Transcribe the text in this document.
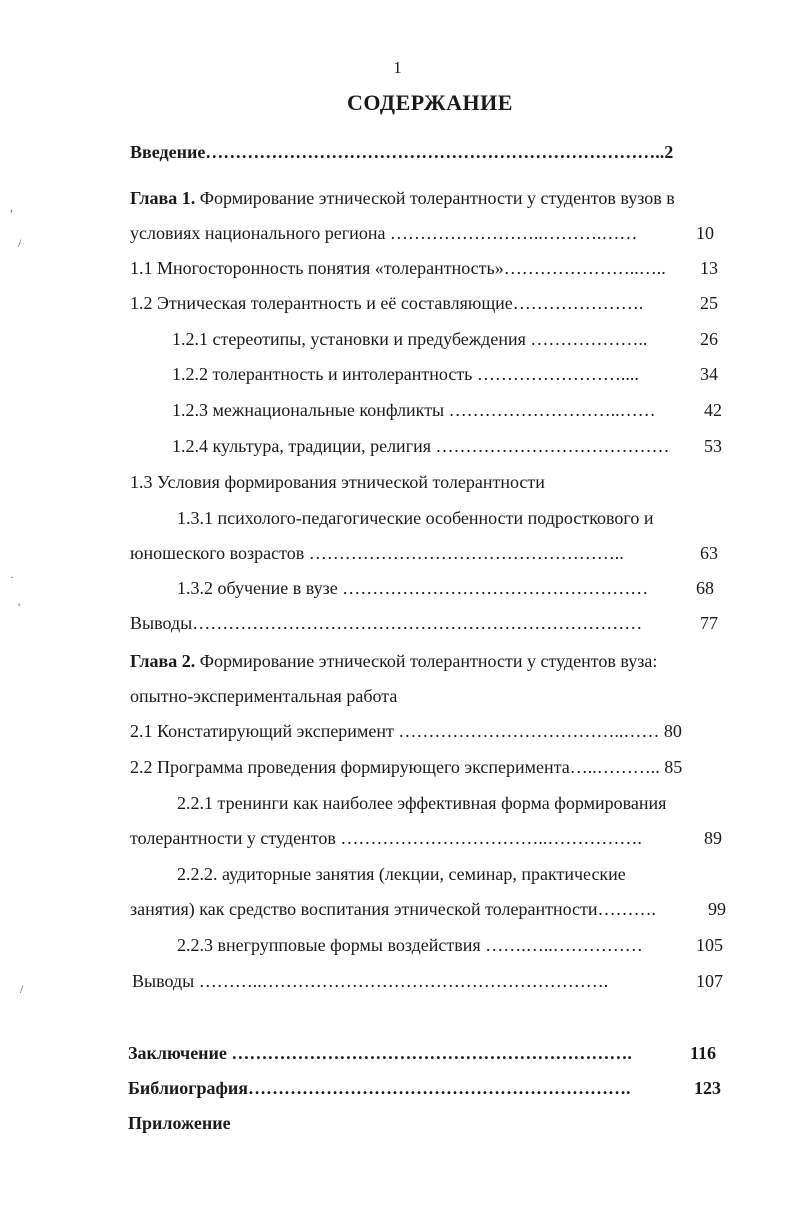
1
СОДЕРЖАНИЕ
Введение…………………………………………………………………..2
Глава 1. Формирование этнической толерантности у студентов вузов в
условиях национального региона ……………………..……….……	10
1.1 Многосторонность понятия «толерантность»…………………..….. 13
1.2 Этническая толерантность и её составляющие………………….	25
1.2.1 стереотипы, установки и предубеждения ………………..	26
1.2.2 толерантность и интолерантность ……………………....	34
1.2.3 межнациональные конфликты ………………………..……	42
1.2.4 культура, традиции, религия ………………………………… 53
1.3 Условия формирования этнической толерантности
1.3.1 психолого-педагогические особенности подросткового и
юношеского возрастов ……………………………………………..	63
1.3.2 обучение в вузе ……………………………………………	68
Выводы…………………………………………………………………	77
Глава 2. Формирование этнической толерантности у студентов вуза:
опытно-экспериментальная работа
2.1 Констатирующий эксперимент ………………………………..…… 80
2.2 Программа проведения формирующего эксперимента…..……….. 85
2.2.1 тренинги как наиболее эффективная форма формирования
толерантности у студентов ……………………………..…………….	89
2.2.2. аудиторные занятия (лекции, семинар, практические
занятия) как средство воспитания этнической толерантности……….	99
2.2.3 внегрупповые формы воздействия …….…..……………	105
Выводы ………..………………………………………………….	107
Заключение ………………………………………………………….	116
Библиография……………………………………………………….	123
Приложение
,
/
·
'
/
